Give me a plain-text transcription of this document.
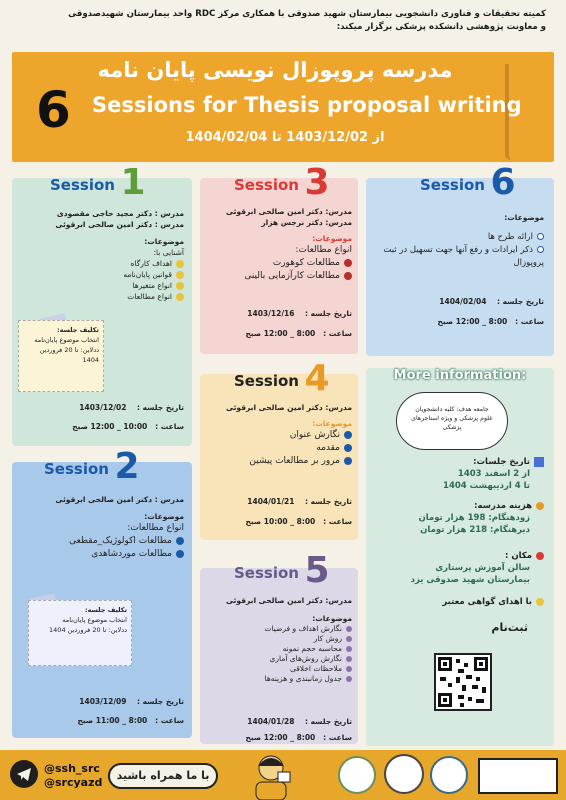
کمیته تحقیقات و فناوری دانشجویی بیمارستان شهید صدوقی با همکاری مرکز RDC واحد بیمارستان شهیدصدوقی
و معاونت پژوهشی دانشکده پزشکی برگزار میکند:
مدرسه پروپوزال نویسی پایان نامه
6 Sessions for Thesis proposal writing
از 1403/12/02 تا 1404/02/04
Session 1
مدرس : دکتر مجید حاجی مقصودی
مدرس : دکتر امین صالحی ابرقوئی
موضوعات:
آشنایی با:
اهداف کارگاه
قوانین پایان‌نامه
انواع متغیرها
انواع مطالعات
تکلیف جلسه:
انتخاب موضوع پایان‌نامه
ددلاین: تا 20 فروردین 1404
تاریخ جلسه :    1403/12/02
ساعت :   10:00 _ 12:00 صبح
Session 2
مدرس : دکتر امین صالحی ابرقوئی
موضوعات:
انواع مطالعات:
مطالعات اکولوژیک_مقطعی
مطالعات موردشاهدی
تکلیف جلسه:
انتخاب موضوع پایان‌نامه
ددلاین: تا 20 فروردین 1404
تاریخ جلسه :    1403/12/09
ساعت :   8:00 _ 11:00 صبح
Session 3
مدرس: دکتر امین صالحی ابرقوئی
مدرس: دکتر نرجس هزار
موضوعات:
انواع مطالعات:
مطالعات کوهورت
مطالعات کارآزمایی بالینی
تاریخ جلسه :    1403/12/16
ساعت :   8:00 _ 12:00 صبح
Session 4
مدرس: دکتر امین صالحی ابرقوئی
موضوعات:
نگارش عنوان
مقدمه
مرور بر مطالعات پیشین
تاریخ جلسه :    1404/01/21
ساعت :   8:00 _ 10:00 صبح
Session 5
مدرس: دکتر امین صالحی ابرقوئی
موضوعات:
نگارش اهداف و فرضیات
روش کار
محاسبه حجم نمونه
نگارش روش‌های آماری
ملاحظات اخلاقی
جدول زمانبندی و هزینه‌ها
تاریخ جلسه :    1404/01/28
ساعت :   8:00 _ 12:00 صبح
Session 6
موضوعات:
ارائه طرح ها
ذکر ایرادات و رفع آنها جهت تسهیل در ثبت پروپوزال
تاریخ جلسه :    1404/02/04
ساعت :   8:00 _ 12:00 صبح
More information:
جامعه هدف: کلیه دانشجویان علوم پزشکی و ویژه استاجرهای پزشکی
تاریخ جلسات:
از 2 اسفند 1403
تا 4 اردیبهشت 1404
هزینه مدرسه:
زودهنگام: 198 هزار تومان
دیرهنگام: 218 هزار تومان
مکان :
سالن آموزش پرستاری
بیمارستان شهید صدوقی یزد
با اهدای گواهی معتبر
ثبت‌نام
@ssh_src
@srcyazd
با ما همراه باشید
